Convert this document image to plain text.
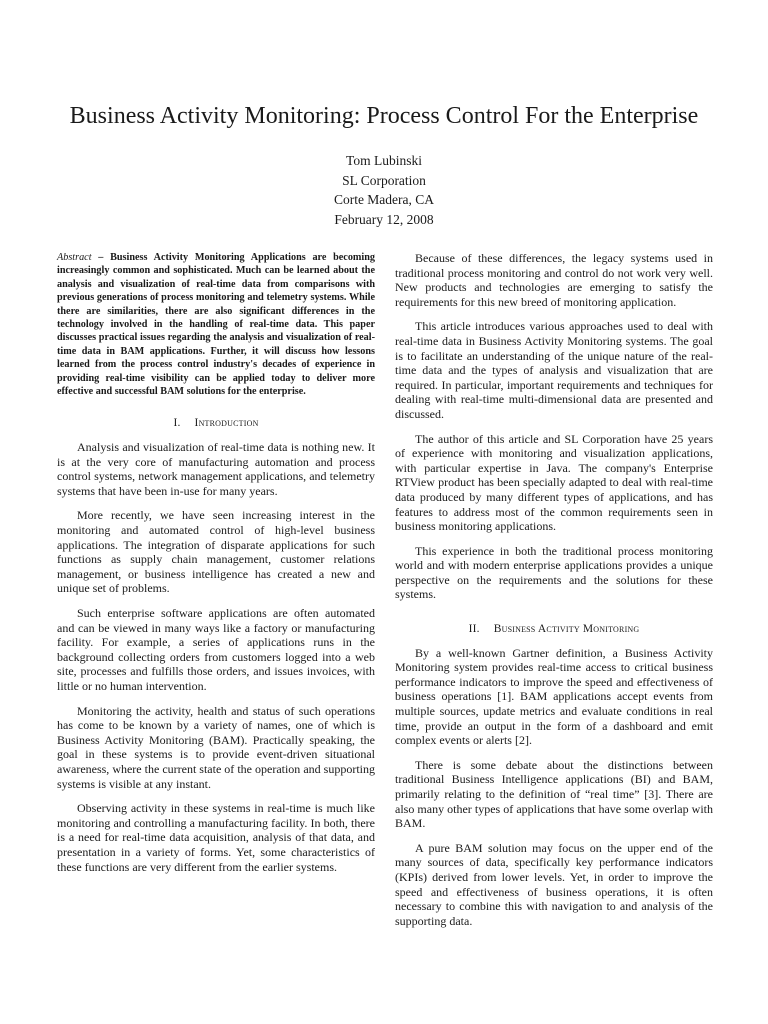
Business Activity Monitoring: Process Control For the Enterprise
Tom Lubinski
SL Corporation
Corte Madera, CA
February 12, 2008
Abstract – Business Activity Monitoring Applications are becoming increasingly common and sophisticated. Much can be learned about the analysis and visualization of real-time data from comparisons with previous generations of process monitoring and telemetry systems. While there are similarities, there are also significant differences in the technology involved in the handling of real-time data. This paper discusses practical issues regarding the analysis and visualization of real-time data in BAM applications. Further, it will discuss how lessons learned from the process control industry's decades of experience in providing real-time visibility can be applied today to deliver more effective and successful BAM solutions for the enterprise.
I. Introduction

Analysis and visualization of real-time data is nothing new. It is at the very core of manufacturing automation and process control systems, network management applications, and telemetry systems that have been in-use for many years.

More recently, we have seen increasing interest in the monitoring and automated control of high-level business applications. The integration of disparate applications for such functions as supply chain management, customer relations management, or business intelligence has created a new and unique set of problems.

Such enterprise software applications are often automated and can be viewed in many ways like a factory or manufacturing facility. For example, a series of applications runs in the background collecting orders from customers logged into a web site, processes and fulfills those orders, and issues invoices, with little or no human intervention.

Monitoring the activity, health and status of such operations has come to be known by a variety of names, one of which is Business Activity Monitoring (BAM). Practically speaking, the goal in these systems is to provide event-driven situational awareness, where the current state of the operation and supporting systems is visible at any instant.

Observing activity in these systems in real-time is much like monitoring and controlling a manufacturing facility. In both, there is a need for real-time data acquisition, analysis of that data, and presentation in a variety of forms. Yet, some characteristics of these functions are very different from the earlier systems.

Because of these differences, the legacy systems used in traditional process monitoring and control do not work very well. New products and technologies are emerging to satisfy the requirements for this new breed of monitoring application.

This article introduces various approaches used to deal with real-time data in Business Activity Monitoring systems. The goal is to facilitate an understanding of the unique nature of the real-time data and the types of analysis and visualization that are required. In particular, important requirements and techniques for dealing with real-time multi-dimensional data are presented and discussed.

The author of this article and SL Corporation have 25 years of experience with monitoring and visualization applications, with particular expertise in Java. The company's Enterprise RTView product has been specially adapted to deal with real-time data produced by many different types of applications, and has features to address most of the common requirements seen in business monitoring applications.

This experience in both the traditional process monitoring world and with modern enterprise applications provides a unique perspective on the requirements and the solutions for these systems.

II. Business Activity Monitoring

By a well-known Gartner definition, a Business Activity Monitoring system provides real-time access to critical business performance indicators to improve the speed and effectiveness of business operations [1]. BAM applications accept events from multiple sources, update metrics and evaluate conditions in real time, provide an output in the form of a dashboard and emit complex events or alerts [2].

There is some debate about the distinctions between traditional Business Intelligence applications (BI) and BAM, primarily relating to the definition of “real time” [3]. There are also many other types of applications that have some overlap with BAM.

A pure BAM solution may focus on the upper end of the many sources of data, specifically key performance indicators (KPIs) derived from lower levels. Yet, in order to improve the speed and effectiveness of business operations, it is often necessary to combine this with navigation to and analysis of the supporting data.
